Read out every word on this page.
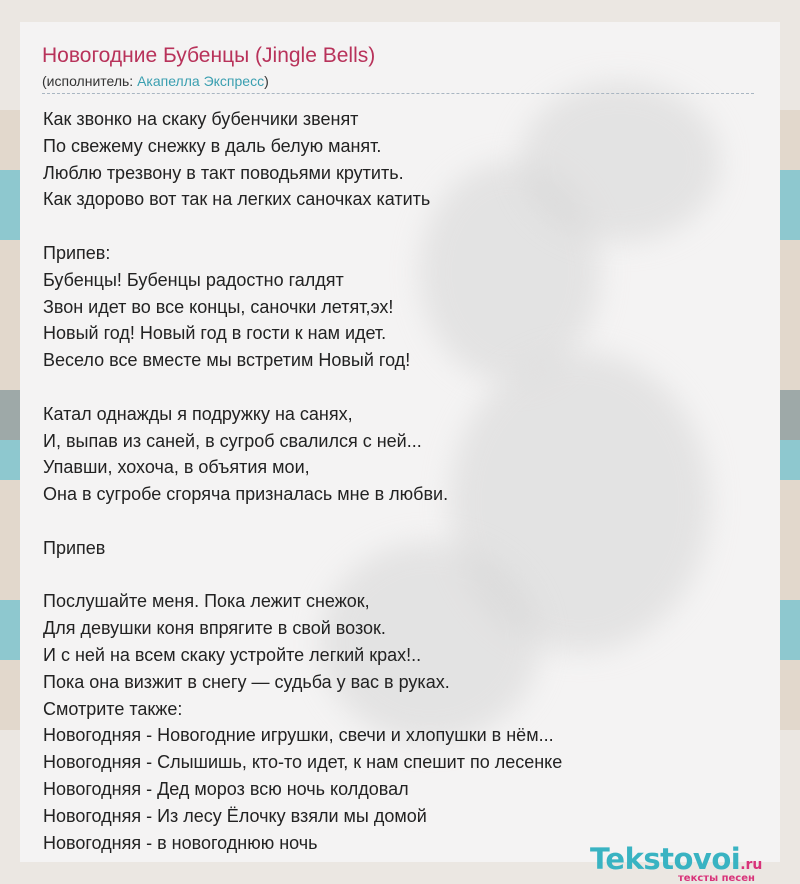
Новогодние Бубенцы (Jingle Bells)
(исполнитель: Акапелла Экспресс)
Как звонко на скаку бубенчики звенят
По свежему снежку в даль белую манят.
Люблю трезвону в такт поводьями крутить.
Как здорово вот так на легких саночках катить
Припев:
Бубенцы! Бубенцы радостно галдят
Звон идет во все концы, саночки летят,эх!
Новый год! Новый год в гости к нам идет.
Весело все вместе мы встретим Новый год!
Катал однажды я подружку на санях,
И, выпав из саней, в сугроб свалился с ней...
Упавши, хохоча, в объятия мои,
Она в сугробе сгоряча призналась мне в любви.
Припев
Послушайте меня. Пока лежит снежок,
Для девушки коня впрягите в свой возок.
И с ней на всем скаку устройте легкий крах!..
Пока она визжит в снегу — судьба у вас в руках.
Смотрите также:
Новогодняя - Новогодние игрушки, свечи и хлопушки в нём...
Новогодняя - Слышишь, кто-то идет, к нам спешит по лесенке
Новогодняя - Дед мороз всю ночь колдовал
Новогодняя - Из лесу Ёлочку взяли мы домой
Новогодняя - в новогоднюю ночь	Tekstovoi.ru
тексты песен
